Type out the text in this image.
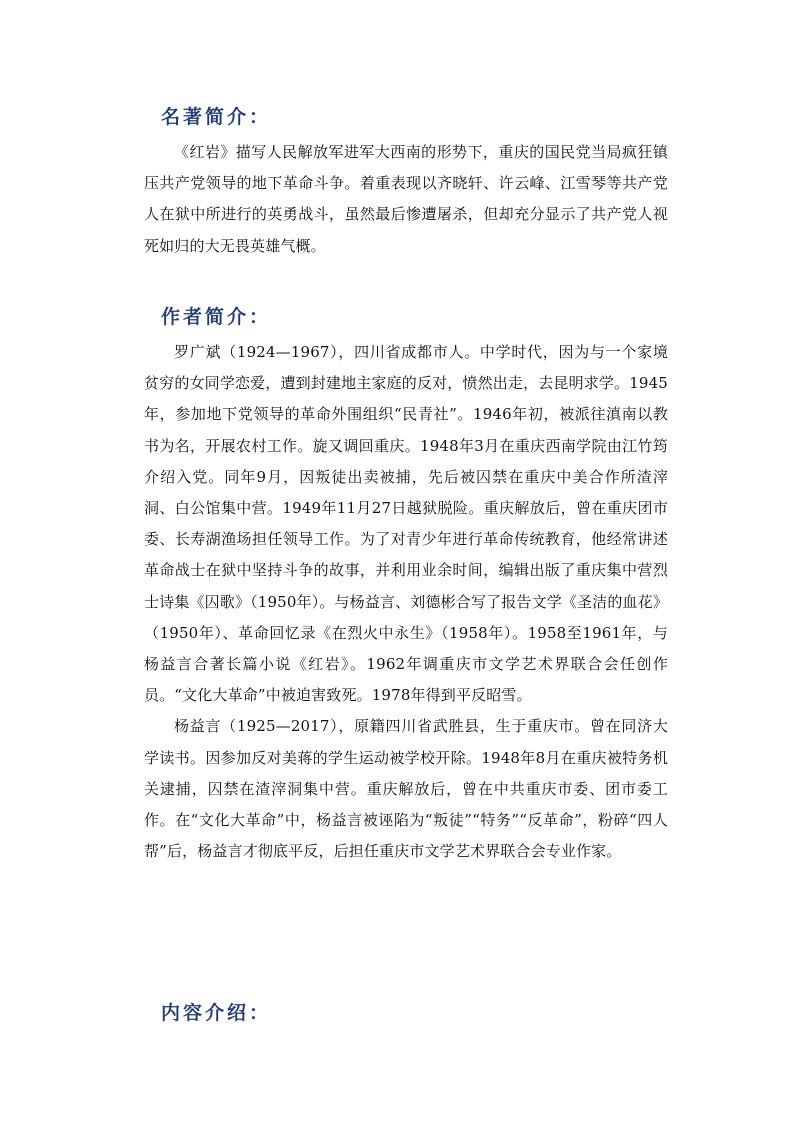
名著简介：

《红岩》描写人民解放军进军大西南的形势下，重庆的国民党当局疯狂镇压共产党领导的地下革命斗争。着重表现以齐晓轩、许云峰、江雪琴等共产党人在狱中所进行的英勇战斗，虽然最后惨遭屠杀，但却充分显示了共产党人视死如归的大无畏英雄气概。

作者简介：

罗广斌（1924—1967），四川省成都市人。中学时代，因为与一个家境贫穷的女同学恋爱，遭到封建地主家庭的反对，愤然出走，去昆明求学。1945年，参加地下党领导的革命外围组织“民青社”。1946年初，被派往滇南以教书为名，开展农村工作。旋又调回重庆。1948年3月在重庆西南学院由江竹筠介绍入党。同年9月，因叛徒出卖被捕，先后被囚禁在重庆中美合作所渣滓洞、白公馆集中营。1949年11月27日越狱脱险。重庆解放后，曾在重庆团市委、长寿湖渔场担任领导工作。为了对青少年进行革命传统教育，他经常讲述革命战士在狱中坚持斗争的故事，并利用业余时间，编辑出版了重庆集中营烈士诗集《囚歌》（1950年）。与杨益言、刘德彬合写了报告文学《圣洁的血花》（1950年）、革命回忆录《在烈火中永生》（1958年）。1958至1961年，与杨益言合著长篇小说《红岩》。1962年调重庆市文学艺术界联合会任创作员。“文化大革命”中被迫害致死。1978年得到平反昭雪。

杨益言（1925—2017），原籍四川省武胜县，生于重庆市。曾在同济大学读书。因参加反对美蒋的学生运动被学校开除。1948年8月在重庆被特务机关逮捕，囚禁在渣滓洞集中营。重庆解放后，曾在中共重庆市委、团市委工作。在“文化大革命”中，杨益言被诬陷为“叛徒”“特务”“反革命”，粉碎“四人帮”后，杨益言才彻底平反，后担任重庆市文学艺术界联合会专业作家。

内容介绍：
